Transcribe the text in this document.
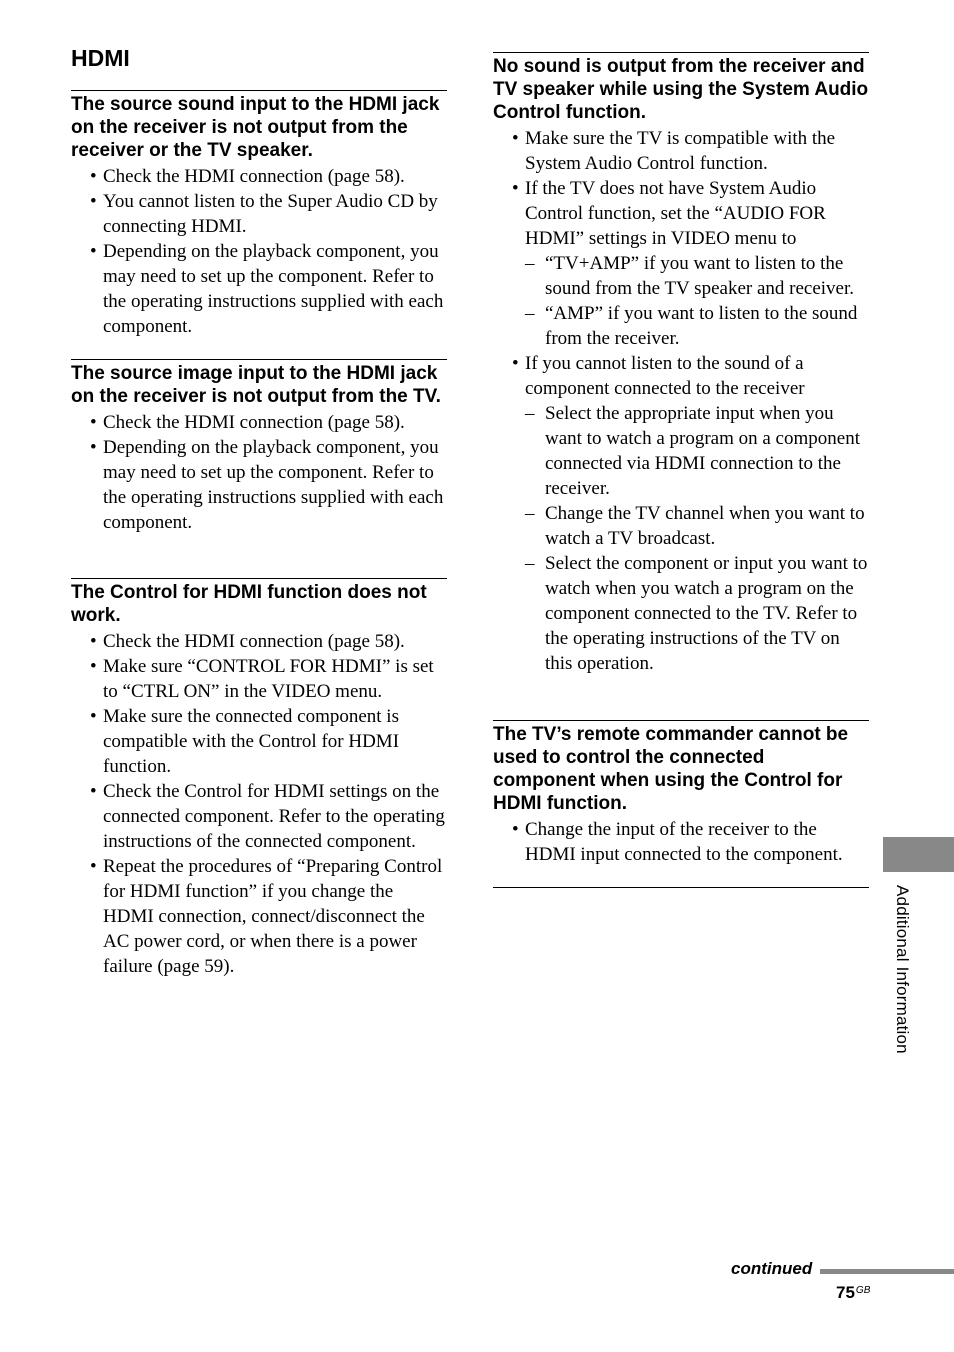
HDMI
The source sound input to the HDMI jack on the receiver is not output from the receiver or the TV speaker.
• Check the HDMI connection (page 58).
• You cannot listen to the Super Audio CD by connecting HDMI.
• Depending on the playback component, you may need to set up the component. Refer to the operating instructions supplied with each component.
The source image input to the HDMI jack on the receiver is not output from the TV.
• Check the HDMI connection (page 58).
• Depending on the playback component, you may need to set up the component. Refer to the operating instructions supplied with each component.
The Control for HDMI function does not work.
• Check the HDMI connection (page 58).
• Make sure “CONTROL FOR HDMI” is set to “CTRL ON” in the VIDEO menu.
• Make sure the connected component is compatible with the Control for HDMI function.
• Check the Control for HDMI settings on the connected component. Refer to the operating instructions of the connected component.
• Repeat the procedures of “Preparing Control for HDMI function” if you change the HDMI connection, connect/disconnect the AC power cord, or when there is a power failure (page 59).
No sound is output from the receiver and TV speaker while using the System Audio Control function.
• Make sure the TV is compatible with the System Audio Control function.
• If the TV does not have System Audio Control function, set the “AUDIO FOR HDMI” settings in VIDEO menu to
– “TV+AMP” if you want to listen to the sound from the TV speaker and receiver.
– “AMP” if you want to listen to the sound from the receiver.
• If you cannot listen to the sound of a component connected to the receiver
– Select the appropriate input when you want to watch a program on a component connected via HDMI connection to the receiver.
– Change the TV channel when you want to watch a TV broadcast.
– Select the component or input you want to watch when you watch a program on the component connected to the TV. Refer to the operating instructions of the TV on this operation.
The TV’s remote commander cannot be used to control the connected component when using the Control for HDMI function.
• Change the input of the receiver to the HDMI input connected to the component.
Additional Information
continued
$75^{GB}$
